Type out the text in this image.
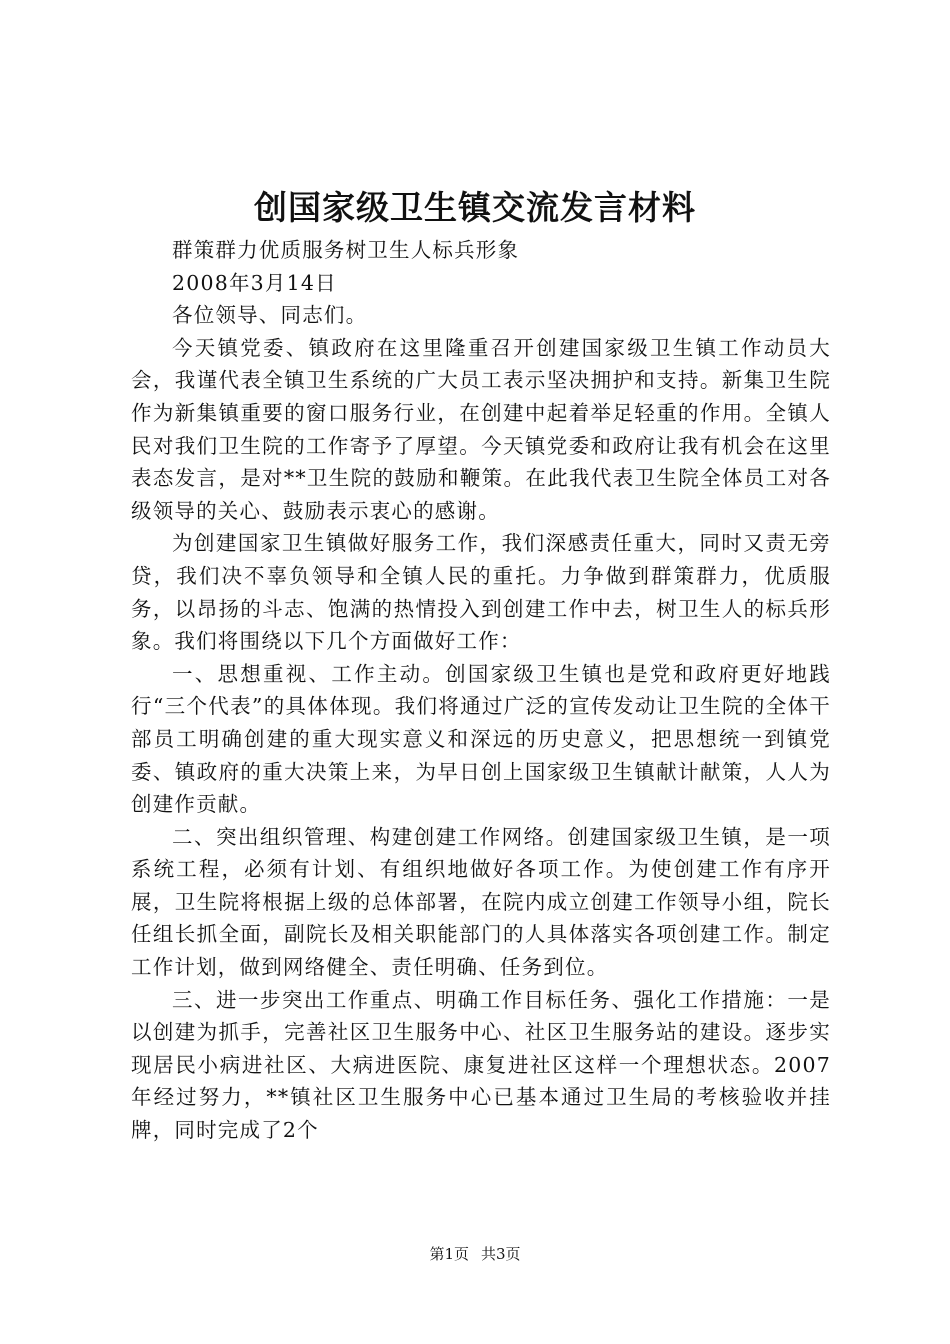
创国家级卫生镇交流发言材料

群策群力优质服务树卫生人标兵形象

2008年3月14日

各位领导、同志们。

今天镇党委、镇政府在这里隆重召开创建国家级卫生镇工作动员大会，我谨代表全镇卫生系统的广大员工表示坚决拥护和支持。新集卫生院作为新集镇重要的窗口服务行业，在创建中起着举足轻重的作用。全镇人民对我们卫生院的工作寄予了厚望。今天镇党委和政府让我有机会在这里表态发言，是对**卫生院的鼓励和鞭策。在此我代表卫生院全体员工对各级领导的关心、鼓励表示衷心的感谢。

为创建国家卫生镇做好服务工作，我们深感责任重大，同时又责无旁贷，我们决不辜负领导和全镇人民的重托。力争做到群策群力，优质服务，以昂扬的斗志、饱满的热情投入到创建工作中去，树卫生人的标兵形象。我们将围绕以下几个方面做好工作：

一、思想重视、工作主动。创国家级卫生镇也是党和政府更好地践行“三个代表”的具体体现。我们将通过广泛的宣传发动让卫生院的全体干部员工明确创建的重大现实意义和深远的历史意义，把思想统一到镇党委、镇政府的重大决策上来，为早日创上国家级卫生镇献计献策，人人为创建作贡献。

二、突出组织管理、构建创建工作网络。创建国家级卫生镇，是一项系统工程，必须有计划、有组织地做好各项工作。为使创建工作有序开展，卫生院将根据上级的总体部署，在院内成立创建工作领导小组，院长任组长抓全面，副院长及相关职能部门的人具体落实各项创建工作。制定工作计划，做到网络健全、责任明确、任务到位。

三、进一步突出工作重点、明确工作目标任务、强化工作措施：一是以创建为抓手，完善社区卫生服务中心、社区卫生服务站的建设。逐步实现居民小病进社区、大病进医院、康复进社区这样一个理想状态。2007年经过努力，**镇社区卫生服务中心已基本通过卫生局的考核验收并挂牌，同时完成了2个

第1页 共3页
